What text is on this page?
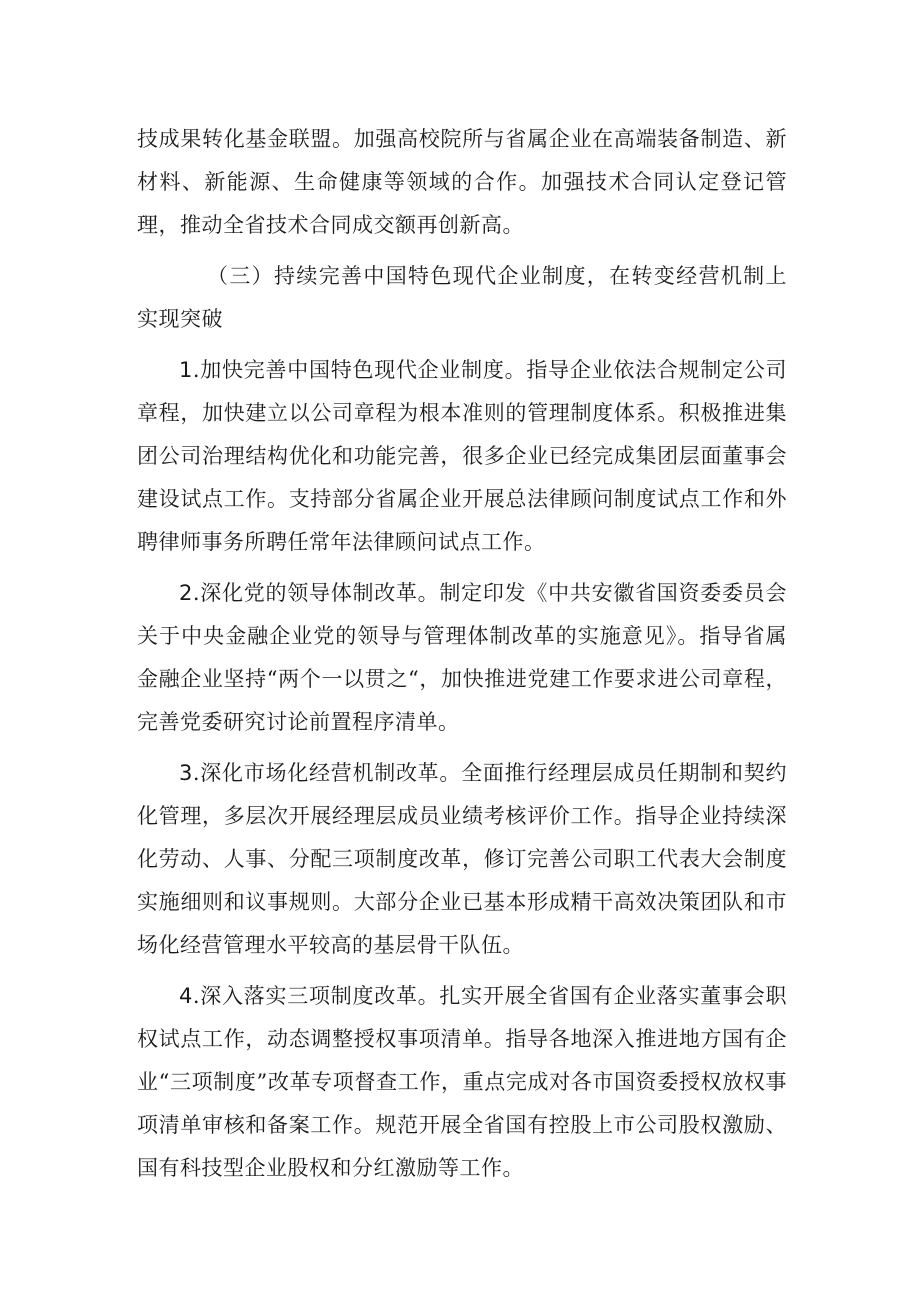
技成果转化基金联盟。加强高校院所与省属企业在高端装备制造、新材料、新能源、生命健康等领域的合作。加强技术合同认定登记管理，推动全省技术合同成交额再创新高。

（三）持续完善中国特色现代企业制度，在转变经营机制上实现突破

1.加快完善中国特色现代企业制度。指导企业依法合规制定公司章程，加快建立以公司章程为根本准则的管理制度体系。积极推进集团公司治理结构优化和功能完善，很多企业已经完成集团层面董事会建设试点工作。支持部分省属企业开展总法律顾问制度试点工作和外聘律师事务所聘任常年法律顾问试点工作。

2.深化党的领导体制改革。制定印发《中共安徽省国资委委员会关于中央金融企业党的领导与管理体制改革的实施意见》。指导省属金融企业坚持“两个一以贯之“，加快推进党建工作要求进公司章程，完善党委研究讨论前置程序清单。

3.深化市场化经营机制改革。全面推行经理层成员任期制和契约化管理，多层次开展经理层成员业绩考核评价工作。指导企业持续深化劳动、人事、分配三项制度改革，修订完善公司职工代表大会制度实施细则和议事规则。大部分企业已基本形成精干高效决策团队和市场化经营管理水平较高的基层骨干队伍。

4.深入落实三项制度改革。扎实开展全省国有企业落实董事会职权试点工作，动态调整授权事项清单。指导各地深入推进地方国有企业“三项制度”改革专项督查工作，重点完成对各市国资委授权放权事项清单审核和备案工作。规范开展全省国有控股上市公司股权激励、国有科技型企业股权和分红激励等工作。
